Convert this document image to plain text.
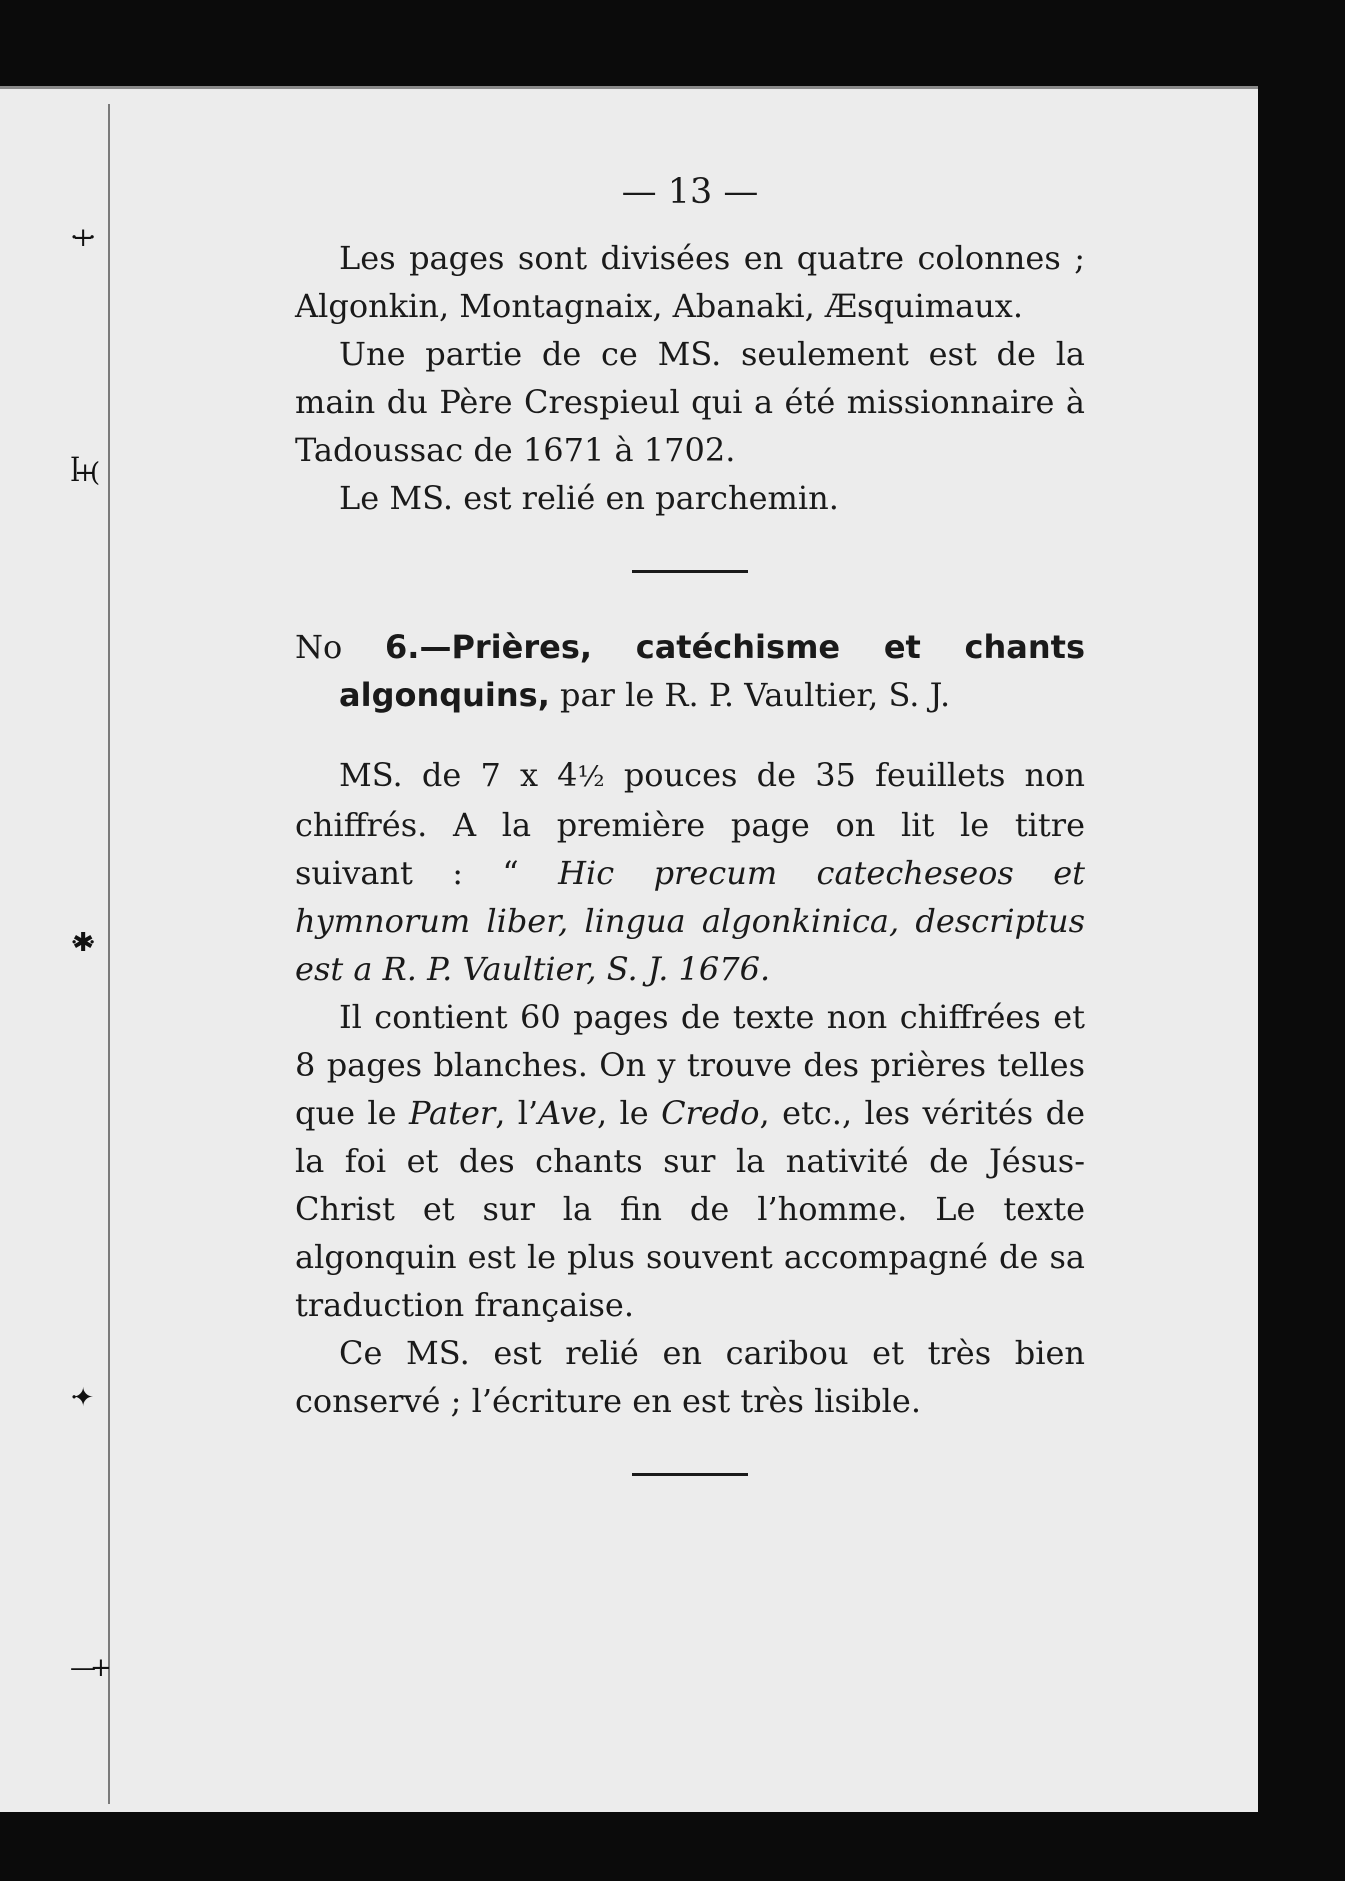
·+·
ꟾ+(
·✱·
·✦
—+
— 13 —

Les pages sont divisées en quatre colonnes ; Algonkin, Montagnaix, Abanaki, Æsquimaux.

Une partie de ce MS. seulement est de la main du Père Crespieul qui a été missionnaire à Tadoussac de 1671 à 1702.

Le MS. est relié en parchemin.

No 6.—Prières, catéchisme et chants algonquins, par le R. P. Vaultier, S. J.

MS. de 7 x 4½ pouces de 35 feuillets non chiffrés. A la première page on lit le titre suivant : “ Hic precum catecheseos et hymnorum liber, lingua algonkinica, descriptus est a R. P. Vaultier, S. J. 1676.

Il contient 60 pages de texte non chiffrées et 8 pages blanches. On y trouve des prières telles que le Pater, l’Ave, le Credo, etc., les vérités de la foi et des chants sur la nativité de Jésus-Christ et sur la fin de l’homme. Le texte algonquin est le plus souvent accompagné de sa traduction française.

Ce MS. est relié en caribou et très bien conservé ; l’écriture en est très lisible.
